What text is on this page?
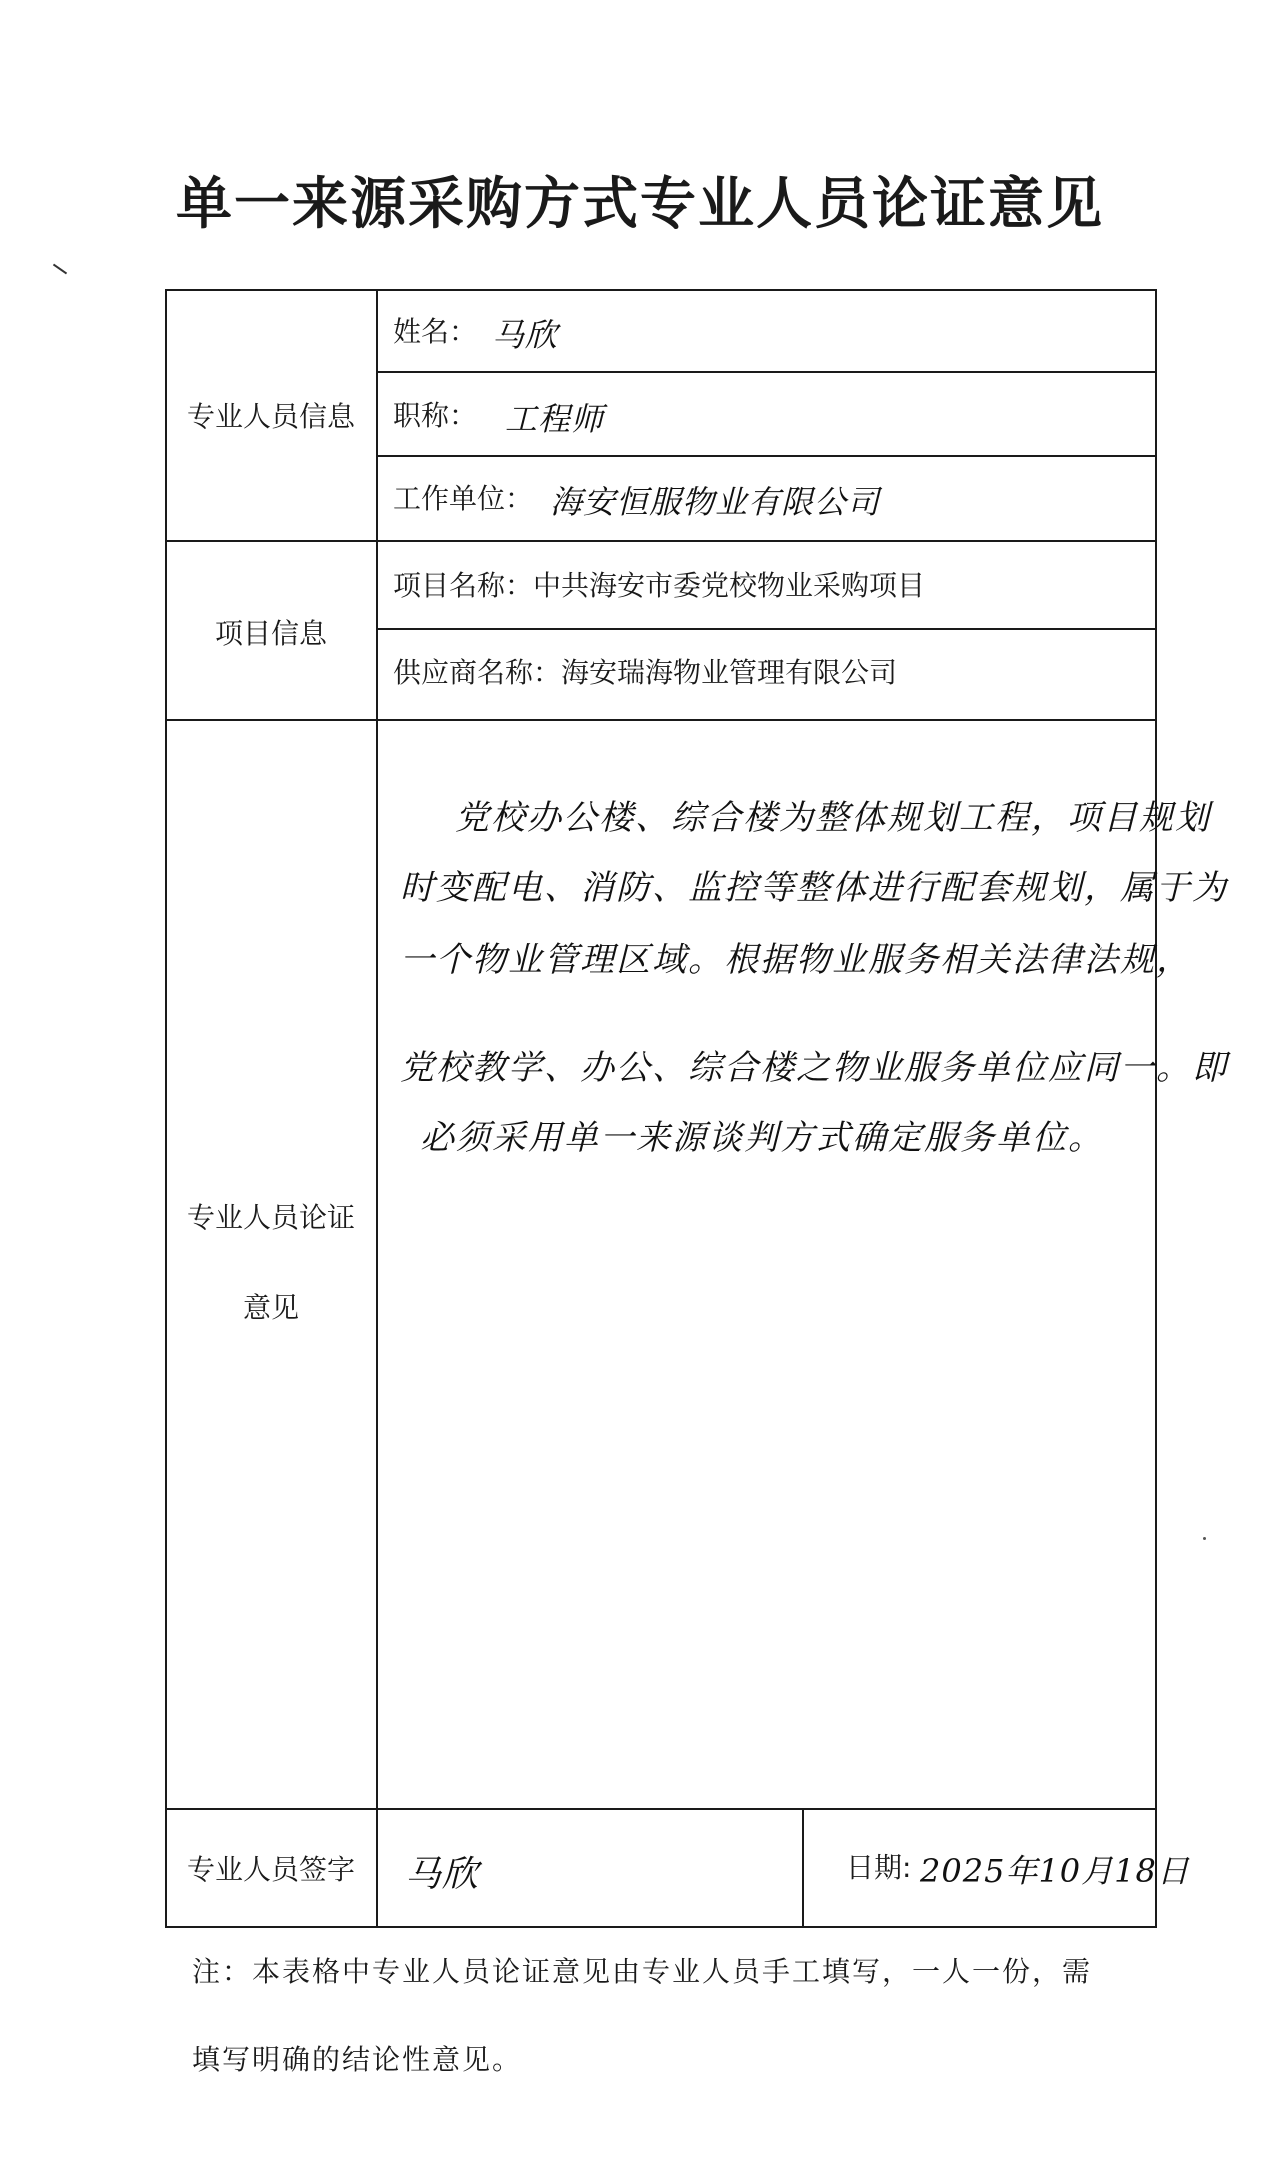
单一来源采购方式专业人员论证意见
专业人员信息
姓名： 马欣
职称： 工程师
工作单位： 海安恒服物业有限公司
项目信息
项目名称：中共海安市委党校物业采购项目
供应商名称：海安瑞海物业管理有限公司
专业人员论证
意见
党校办公楼、综合楼为整体规划工程，项目规划
时变配电、消防、监控等整体进行配套规划，属于为
一个物业管理区域。根据物业服务相关法律法规，
党校教学、办公、综合楼之物业服务单位应同一。即
必须采用单一来源谈判方式确定服务单位。
专业人员签字	马欣	日期: 2025年10月18日
注：本表格中专业人员论证意见由专业人员手工填写，一人一份，需
填写明确的结论性意见。
